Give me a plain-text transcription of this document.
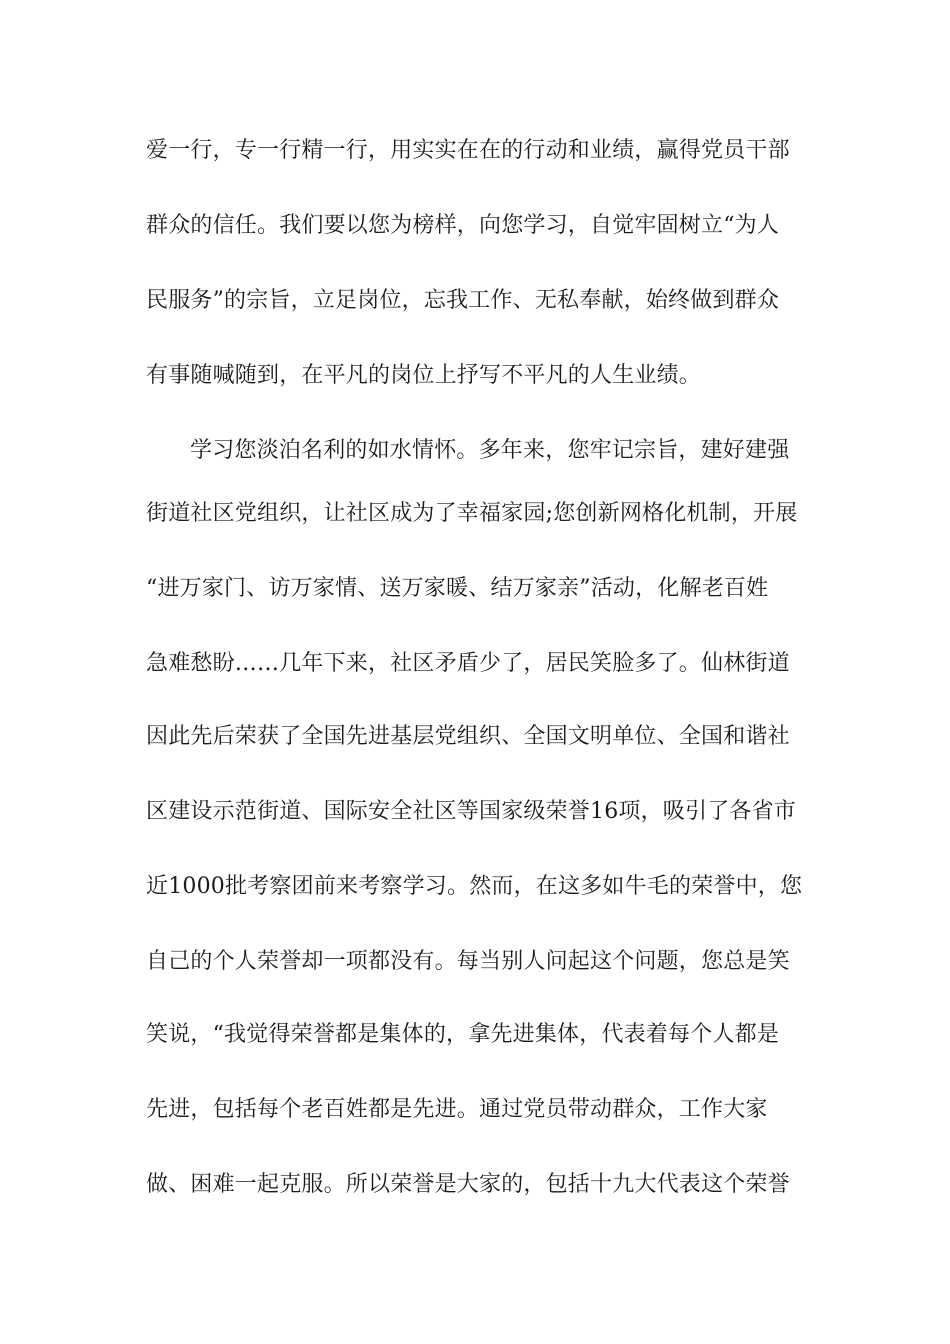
爱一行，专一行精一行，用实实在在的行动和业绩，赢得党员干部
群众的信任。我们要以您为榜样，向您学习，自觉牢固树立“为人
民服务”的宗旨，立足岗位，忘我工作、无私奉献，始终做到群众
有事随喊随到，在平凡的岗位上抒写不平凡的人生业绩。
学习您淡泊名利的如水情怀。多年来，您牢记宗旨，建好建强
街道社区党组织，让社区成为了幸福家园;您创新网格化机制，开展
“进万家门、访万家情、送万家暖、结万家亲”活动，化解老百姓
急难愁盼……几年下来，社区矛盾少了，居民笑脸多了。仙林街道
因此先后荣获了全国先进基层党组织、全国文明单位、全国和谐社
区建设示范街道、国际安全社区等国家级荣誉16项，吸引了各省市
近1000批考察团前来考察学习。然而，在这多如牛毛的荣誉中，您
自己的个人荣誉却一项都没有。每当别人问起这个问题，您总是笑
笑说，“我觉得荣誉都是集体的，拿先进集体，代表着每个人都是
先进，包括每个老百姓都是先进。通过党员带动群众，工作大家
做、困难一起克服。所以荣誉是大家的，包括十九大代表这个荣誉
